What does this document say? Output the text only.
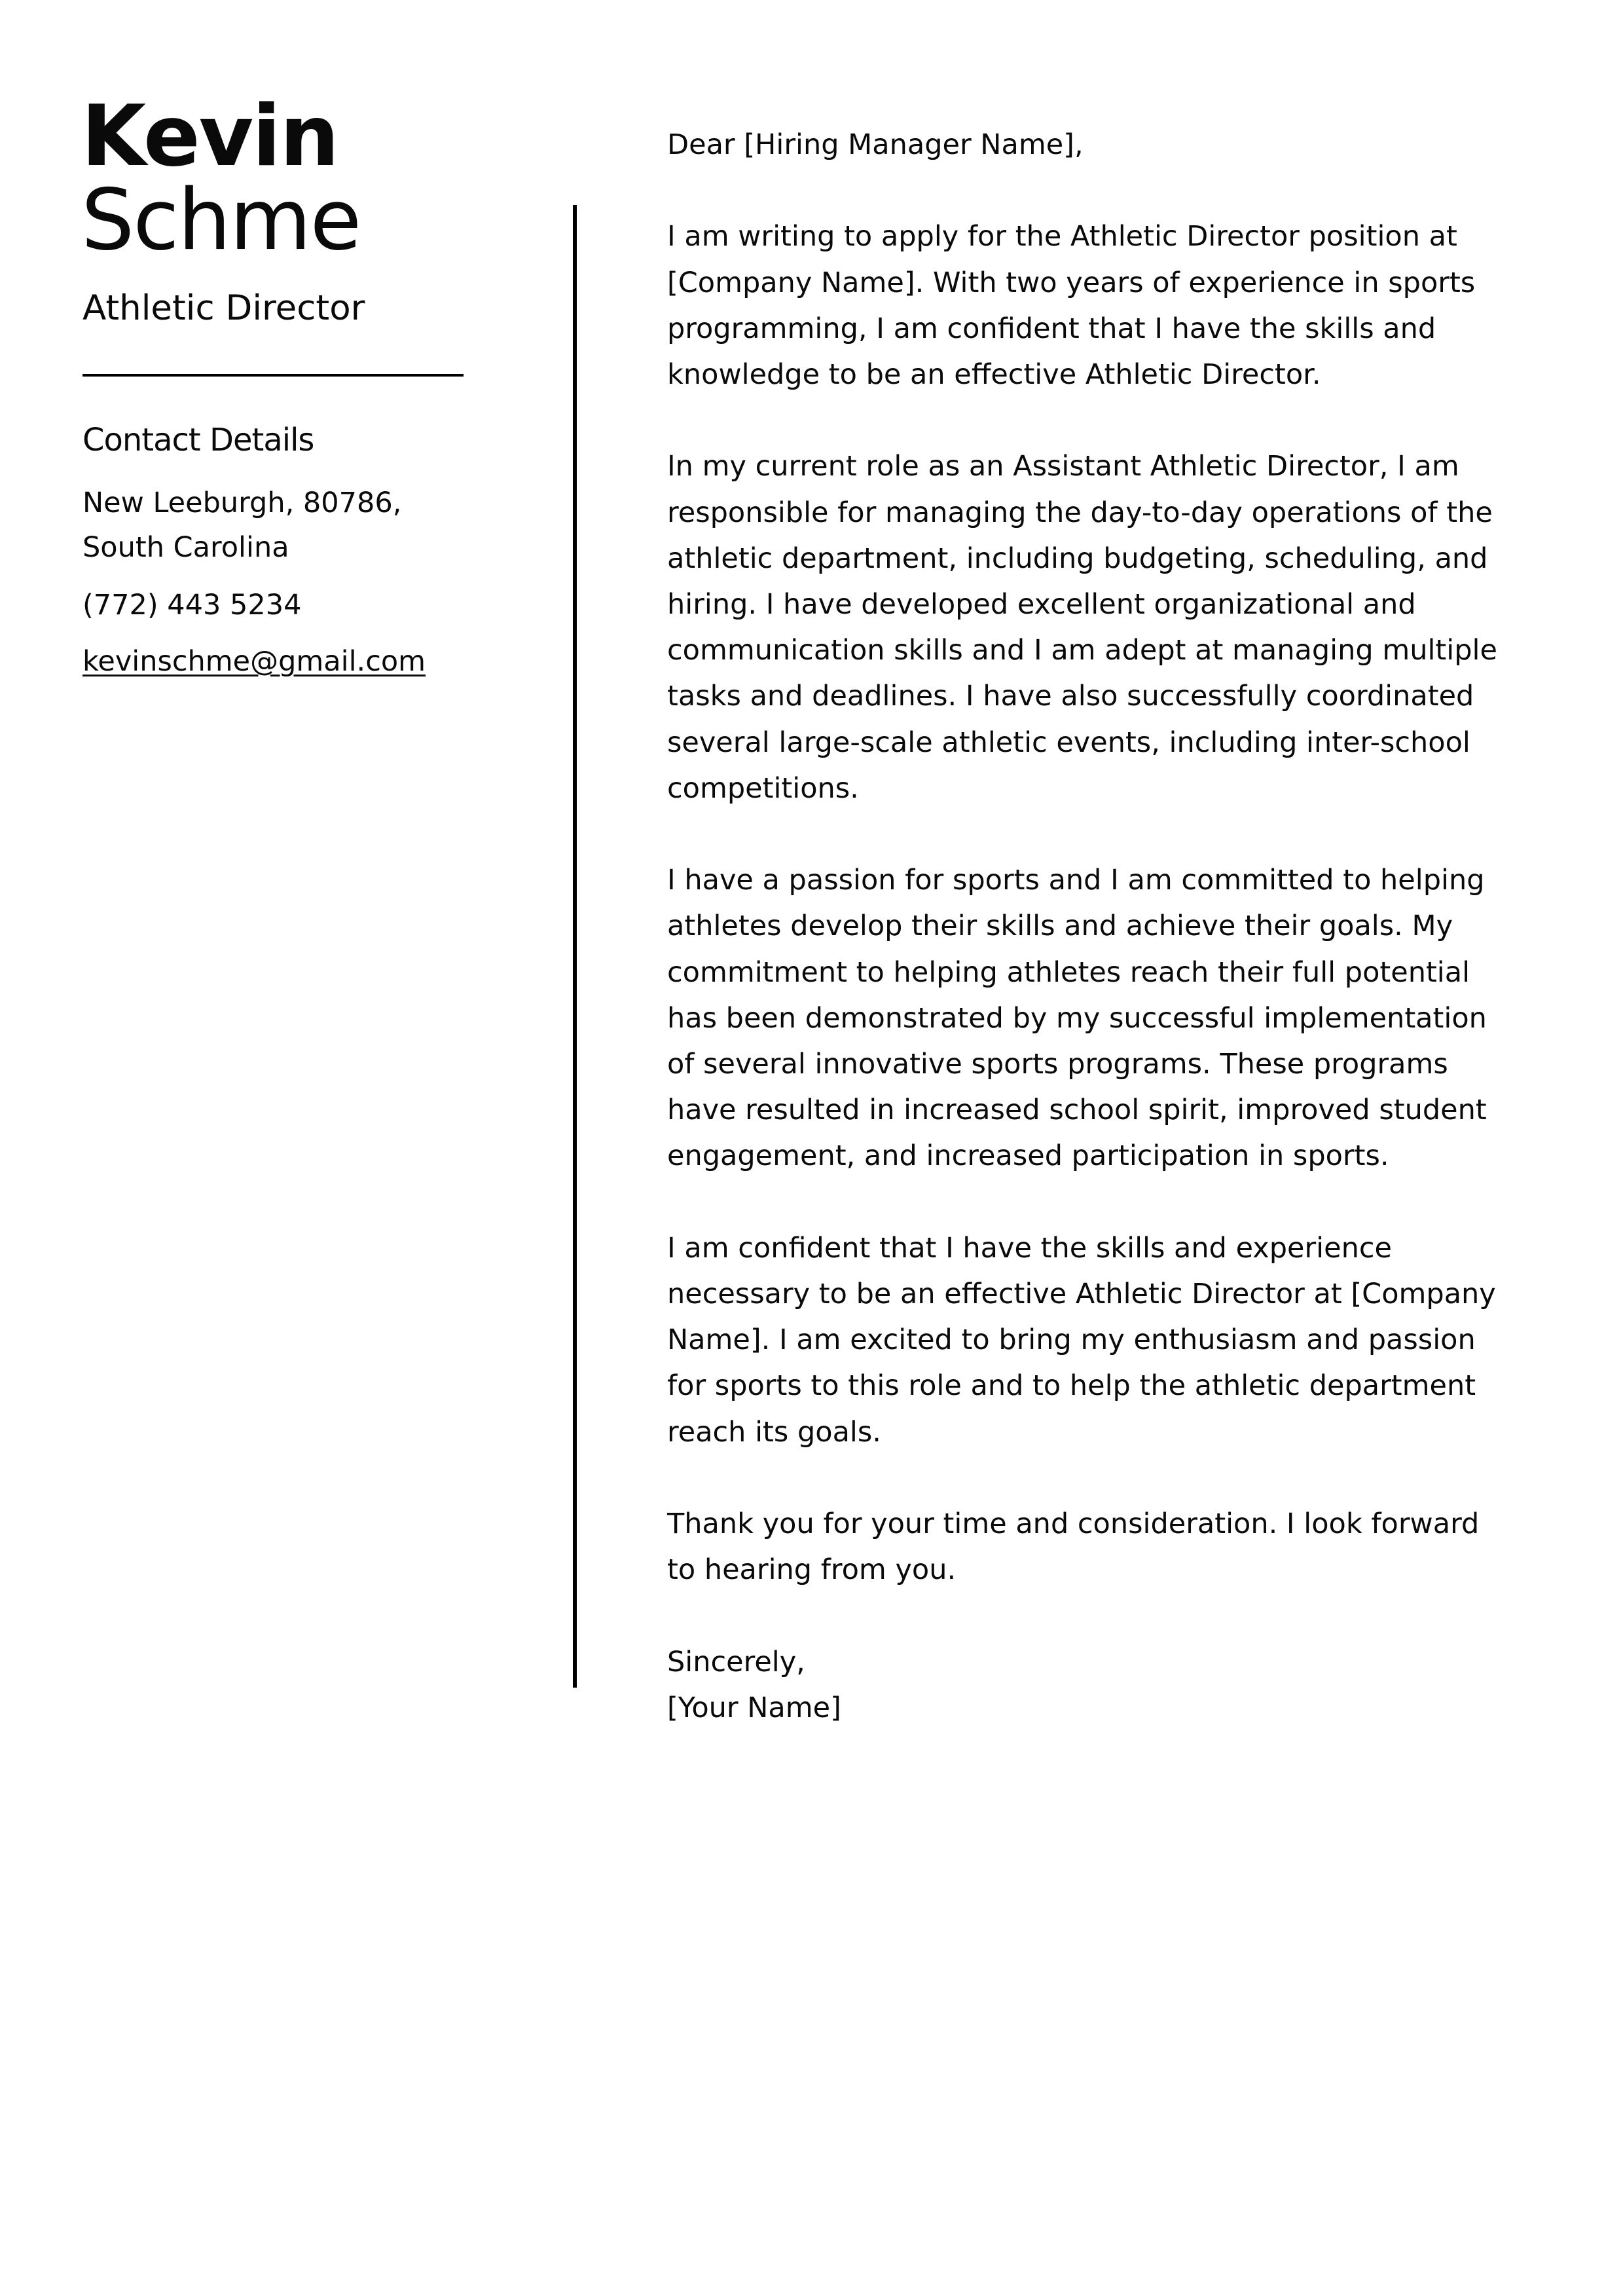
Kevin
Schme
Athletic Director
Contact Details

New Leeburgh, 80786, South Carolina

(772) 443 5234

kevinschme@gmail.com

Dear [Hiring Manager Name],

I am writing to apply for the Athletic Director position at [Company Name]. With two years of experience in sports programming, I am confident that I have the skills and knowledge to be an effective Athletic Director.

In my current role as an Assistant Athletic Director, I am responsible for managing the day-to-day operations of the athletic department, including budgeting, scheduling, and hiring. I have developed excellent organizational and communication skills and I am adept at managing multiple tasks and deadlines. I have also successfully coordinated several large-scale athletic events, including inter-school competitions.

I have a passion for sports and I am committed to helping athletes develop their skills and achieve their goals. My commitment to helping athletes reach their full potential has been demonstrated by my successful implementation of several innovative sports programs. These programs have resulted in increased school spirit, improved student engagement, and increased participation in sports.

I am confident that I have the skills and experience necessary to be an effective Athletic Director at [Company Name]. I am excited to bring my enthusiasm and passion for sports to this role and to help the athletic department reach its goals.

Thank you for your time and consideration. I look forward to hearing from you.

Sincerely,

[Your Name]
